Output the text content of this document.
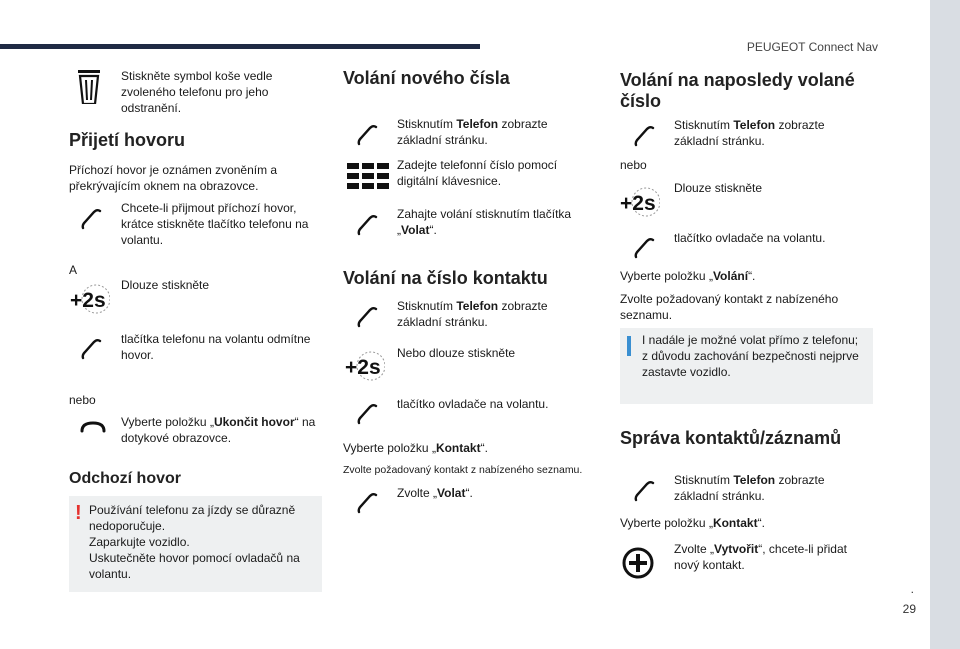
PEUGEOT Connect Nav
.
29
Stiskněte symbol koše vedle zvoleného telefonu pro jeho odstranění.
Přijetí hovoru
Příchozí hovor je oznámen zvoněním a překrývajícím oknem na obrazovce.
Chcete-li přijmout příchozí hovor, krátce stiskněte tlačítko telefonu na volantu.
A
+2s
Dlouze stiskněte
tlačítka telefonu na volantu odmítne hovor.
nebo
Vyberte položku „Ukončit hovor“ na dotykové obrazovce.
Odchozí hovor
! Používání telefonu za jízdy se důrazně
nedoporučuje.
Zaparkujte vozidlo.
Uskutečněte hovor pomocí ovladačů na
volantu.
Volání nového čísla
Stisknutím Telefon zobrazte základní stránku.
Zadejte telefonní číslo pomocí digitální klávesnice.
Zahajte volání stisknutím tlačítka „Volat“.
Volání na číslo kontaktu
Stisknutím Telefon zobrazte základní stránku.
+2s
Nebo dlouze stiskněte
tlačítko ovladače na volantu.
Vyberte položku „Kontakt“.
Zvolte požadovaný kontakt z nabízeného seznamu.
Zvolte „Volat“.
Volání na naposledy volané číslo
Stisknutím Telefon zobrazte základní stránku.
nebo
+2s
Dlouze stiskněte
tlačítko ovladače na volantu.
Vyberte položku „Volání“.
Zvolte požadovaný kontakt z nabízeného seznamu.
I nadále je možné volat přímo z telefonu;
z důvodu zachování bezpečnosti nejprve
zastavte vozidlo.
Správa kontaktů/záznamů
Stisknutím Telefon zobrazte základní stránku.
Vyberte položku „Kontakt“.
Zvolte „Vytvořit“, chcete-li přidat nový kontakt.
